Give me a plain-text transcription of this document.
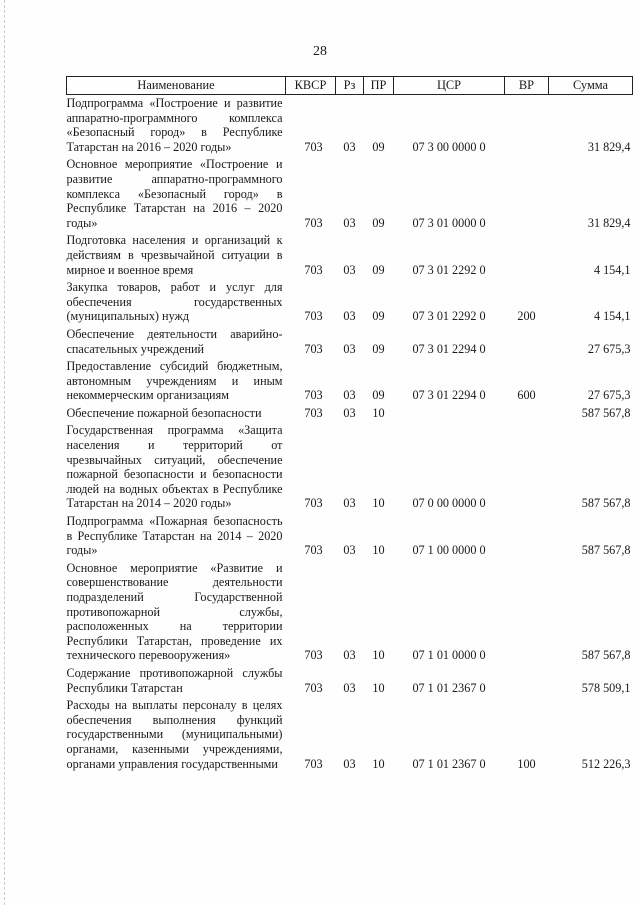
28
Наименование	КВСР	Рз	ПР	ЦСР	ВР	Сумма
Подпрограмма «Построение и развитие аппаратно-программного комплекса «Безопасный город» в Республике Татарстан на 2016 – 2020 годы»	703	03	09	07 3 00 0000 0		31 829,4
Основное мероприятие «Построение и развитие аппаратно-программного комплекса «Безопасный город» в Республике Татарстан на 2016 – 2020 годы»	703	03	09	07 3 01 0000 0		31 829,4
Подготовка населения и организаций к действиям в чрезвычайной ситуации в мирное и военное время	703	03	09	07 3 01 2292 0		4 154,1
Закупка товаров, работ и услуг для обеспечения государственных (муниципальных) нужд	703	03	09	07 3 01 2292 0	200	4 154,1
Обеспечение деятельности аварийно-спасательных учреждений	703	03	09	07 3 01 2294 0		27 675,3
Предоставление субсидий бюджетным, автономным учреждениям и иным некоммерческим организациям	703	03	09	07 3 01 2294 0	600	27 675,3
Обеспечение пожарной безопасности	703	03	10			587 567,8
Государственная программа «Защита населения и территорий от чрезвычайных ситуаций, обеспечение пожарной безопасности и безопасности людей на водных объектах в Республике Татарстан на 2014 – 2020 годы»	703	03	10	07 0 00 0000 0		587 567,8
Подпрограмма «Пожарная безопасность в Республике Татарстан на 2014 – 2020 годы»	703	03	10	07 1 00 0000 0		587 567,8
Основное мероприятие «Развитие и совершенствование деятельности подразделений Государственной противопожарной службы, расположенных на территории Республики Татарстан, проведение их технического перевооружения»	703	03	10	07 1 01 0000 0		587 567,8
Содержание противопожарной службы Республики Татарстан	703	03	10	07 1 01 2367 0		578 509,1
Расходы на выплаты персоналу в целях обеспечения выполнения функций государственными (муниципальными) органами, казенными учреждениями, органами управления государственными	703	03	10	07 1 01 2367 0	100	512 226,3
